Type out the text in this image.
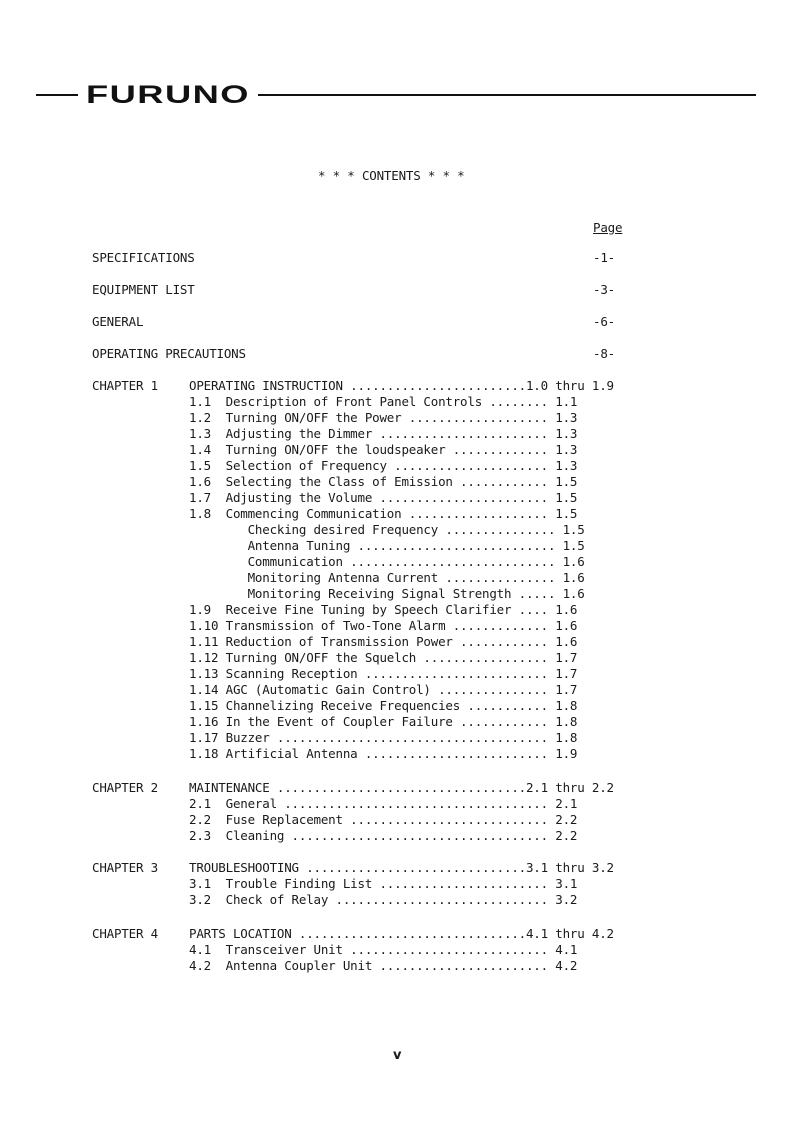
FURUNO
* * * CONTENTS * * *
Page
SPECIFICATIONS	-1-
EQUIPMENT LIST	-3-
GENERAL	-6-
OPERATING PRECAUTIONS	-8-
CHAPTER 1 OPERATING INSTRUCTION ........................1.0 thru 1.9
1.1  Description of Front Panel Controls ........ 1.1
1.2  Turning ON/OFF the Power ................... 1.3
1.3  Adjusting the Dimmer ....................... 1.3
1.4  Turning ON/OFF the loudspeaker ............. 1.3
1.5  Selection of Frequency ..................... 1.3
1.6  Selecting the Class of Emission ............ 1.5
1.7  Adjusting the Volume ....................... 1.5
1.8  Commencing Communication ................... 1.5
Checking desired Frequency ............... 1.5
Antenna Tuning ........................... 1.5
Communication ............................ 1.6
Monitoring Antenna Current ............... 1.6
Monitoring Receiving Signal Strength ..... 1.6
1.9  Receive Fine Tuning by Speech Clarifier .... 1.6
1.10 Transmission of Two-Tone Alarm ............. 1.6
1.11 Reduction of Transmission Power ............ 1.6
1.12 Turning ON/OFF the Squelch ................. 1.7
1.13 Scanning Reception ......................... 1.7
1.14 AGC (Automatic Gain Control) ............... 1.7
1.15 Channelizing Receive Frequencies ........... 1.8
1.16 In the Event of Coupler Failure ............ 1.8
1.17 Buzzer ..................................... 1.8
1.18 Artificial Antenna ......................... 1.9
CHAPTER 2 MAINTENANCE ..................................2.1 thru 2.2
2.1  General .................................... 2.1
2.2  Fuse Replacement ........................... 2.2
2.3  Cleaning ................................... 2.2
CHAPTER 3 TROUBLESHOOTING ..............................3.1 thru 3.2
3.1  Trouble Finding List ....................... 3.1
3.2  Check of Relay ............................. 3.2
CHAPTER 4 PARTS LOCATION ...............................4.1 thru 4.2
4.1  Transceiver Unit ........................... 4.1
4.2  Antenna Coupler Unit ....................... 4.2
v
